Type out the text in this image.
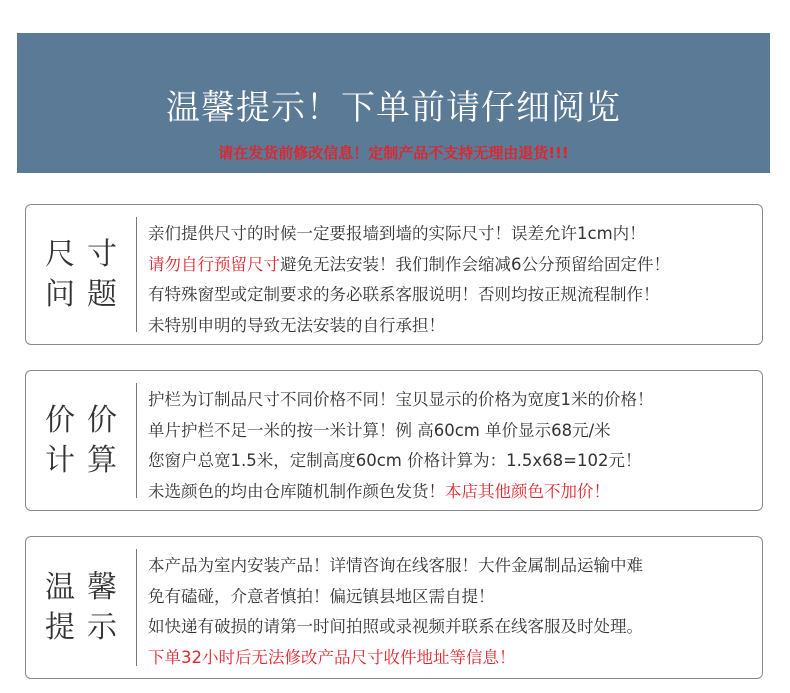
温馨提示！下单前请仔细阅览
请在发货前修改信息！定制产品不支持无理由退货!!!
尺寸
问题
亲们提供尺寸的时候一定要报墙到墙的实际尺寸！误差允许1cm内！
请勿自行预留尺寸避免无法安装！我们制作会缩减6公分预留给固定件！
有特殊窗型或定制要求的务必联系客服说明！否则均按正规流程制作！
未特别申明的导致无法安装的自行承担！
价价
计算
护栏为订制品尺寸不同价格不同！宝贝显示的价格为宽度1米的价格！
单片护栏不足一米的按一米计算！例 高60cm 单价显示68元/米
您窗户总宽1.5米，定制高度60cm 价格计算为：1.5x68=102元！
未选颜色的均由仓库随机制作颜色发货！本店其他颜色不加价！
温馨
提示
本产品为室内安装产品！详情咨询在线客服！大件金属制品运输中难
免有磕碰，介意者慎拍！偏远镇县地区需自提！
如快递有破损的请第一时间拍照或录视频并联系在线客服及时处理。
下单32小时后无法修改产品尺寸收件地址等信息！
